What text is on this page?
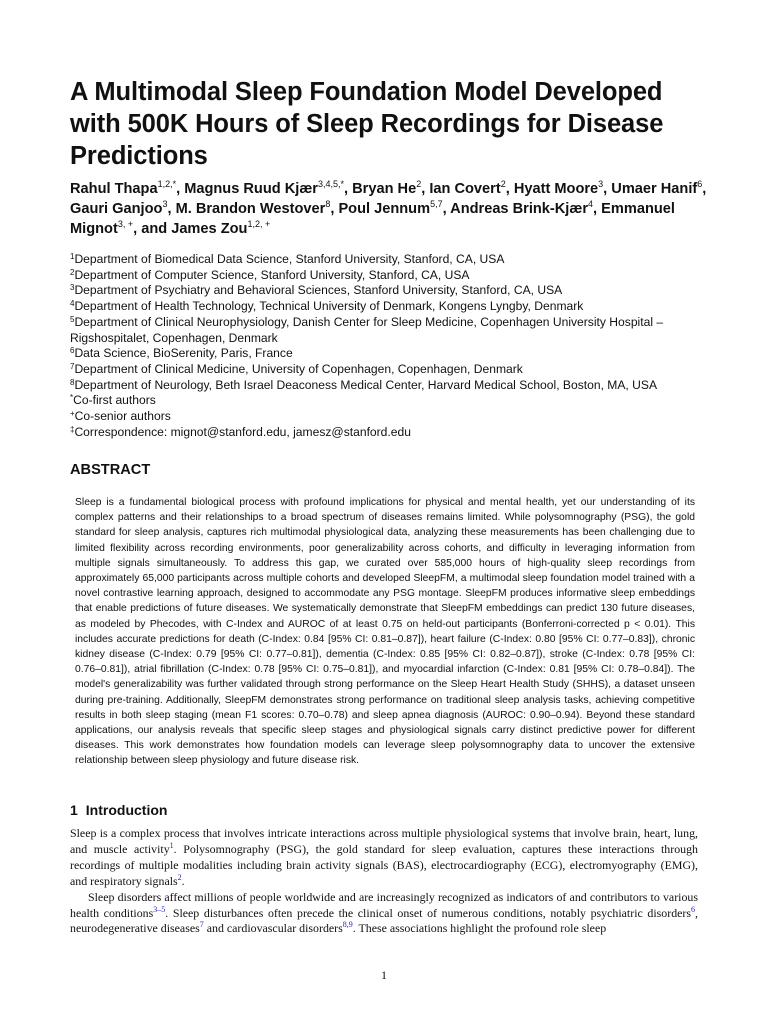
A Multimodal Sleep Foundation Model Developed with 500K Hours of Sleep Recordings for Disease Predictions

Rahul Thapa$^{1,2,*}$, Magnus Ruud Kjær$^{3,4,5,*}$, Bryan He$^2$, Ian Covert$^2$, Hyatt Moore$^3$, Umaer Hanif$^6$, Gauri Ganjoo$^3$, M. Brandon Westover$^8$, Poul Jennum$^{5,7}$, Andreas Brink-Kjær$^4$, Emmanuel Mignot$^{3, +}$, and James Zou$^{1,2, +}$

$^1$Department of Biomedical Data Science, Stanford University, Stanford, CA, USA

$^2$Department of Computer Science, Stanford University, Stanford, CA, USA

$^3$Department of Psychiatry and Behavioral Sciences, Stanford University, Stanford, CA, USA

$^4$Department of Health Technology, Technical University of Denmark, Kongens Lyngby, Denmark

$^5$Department of Clinical Neurophysiology, Danish Center for Sleep Medicine, Copenhagen University Hospital – Rigshospitalet, Copenhagen, Denmark

$^6$Data Science, BioSerenity, Paris, France

$^7$Department of Clinical Medicine, University of Copenhagen, Copenhagen, Denmark

$^8$Department of Neurology, Beth Israel Deaconess Medical Center, Harvard Medical School, Boston, MA, USA

*Co-first authors

+Co-senior authors

‡Correspondence: mignot@stanford.edu, jamesz@stanford.edu

ABSTRACT

Sleep is a fundamental biological process with profound implications for physical and mental health, yet our understanding of its complex patterns and their relationships to a broad spectrum of diseases remains limited. While polysomnography (PSG), the gold standard for sleep analysis, captures rich multimodal physiological data, analyzing these measurements has been challenging due to limited flexibility across recording environments, poor generalizability across cohorts, and difficulty in leveraging information from multiple signals simultaneously. To address this gap, we curated over 585,000 hours of high-quality sleep recordings from approximately 65,000 participants across multiple cohorts and developed SleepFM, a multimodal sleep foundation model trained with a novel contrastive learning approach, designed to accommodate any PSG montage. SleepFM produces informative sleep embeddings that enable predictions of future diseases. We systematically demonstrate that SleepFM embeddings can predict 130 future diseases, as modeled by Phecodes, with C-Index and AUROC of at least 0.75 on held-out participants (Bonferroni-corrected p < 0.01). This includes accurate predictions for death (C-Index: 0.84 [95% CI: 0.81–0.87]), heart failure (C-Index: 0.80 [95% CI: 0.77–0.83]), chronic kidney disease (C-Index: 0.79 [95% CI: 0.77–0.81]), dementia (C-Index: 0.85 [95% CI: 0.82–0.87]), stroke (C-Index: 0.78 [95% CI: 0.76–0.81]), atrial fibrillation (C-Index: 0.78 [95% CI: 0.75–0.81]), and myocardial infarction (C-Index: 0.81 [95% CI: 0.78–0.84]). The model's generalizability was further validated through strong performance on the Sleep Heart Health Study (SHHS), a dataset unseen during pre-training. Additionally, SleepFM demonstrates strong performance on traditional sleep analysis tasks, achieving competitive results in both sleep staging (mean F1 scores: 0.70–0.78) and sleep apnea diagnosis (AUROC: 0.90–0.94). Beyond these standard applications, our analysis reveals that specific sleep stages and physiological signals carry distinct predictive power for different diseases. This work demonstrates how foundation models can leverage sleep polysomnography data to uncover the extensive relationship between sleep physiology and future disease risk.

1 Introduction

Sleep is a complex process that involves intricate interactions across multiple physiological systems that involve brain, heart, lung, and muscle activity$^1$. Polysomnography (PSG), the gold standard for sleep evaluation, captures these interactions through recordings of multiple modalities including brain activity signals (BAS), electrocardiography (ECG), electromyography (EMG), and respiratory signals$^2$.

Sleep disorders affect millions of people worldwide and are increasingly recognized as indicators of and contributors to various health conditions$^{3-5}$. Sleep disturbances often precede the clinical onset of numerous conditions, notably psychiatric disorders$^6$, neurodegenerative diseases$^7$ and cardiovascular disorders$^{8,9}$. These associations highlight the profound role sleep

1
